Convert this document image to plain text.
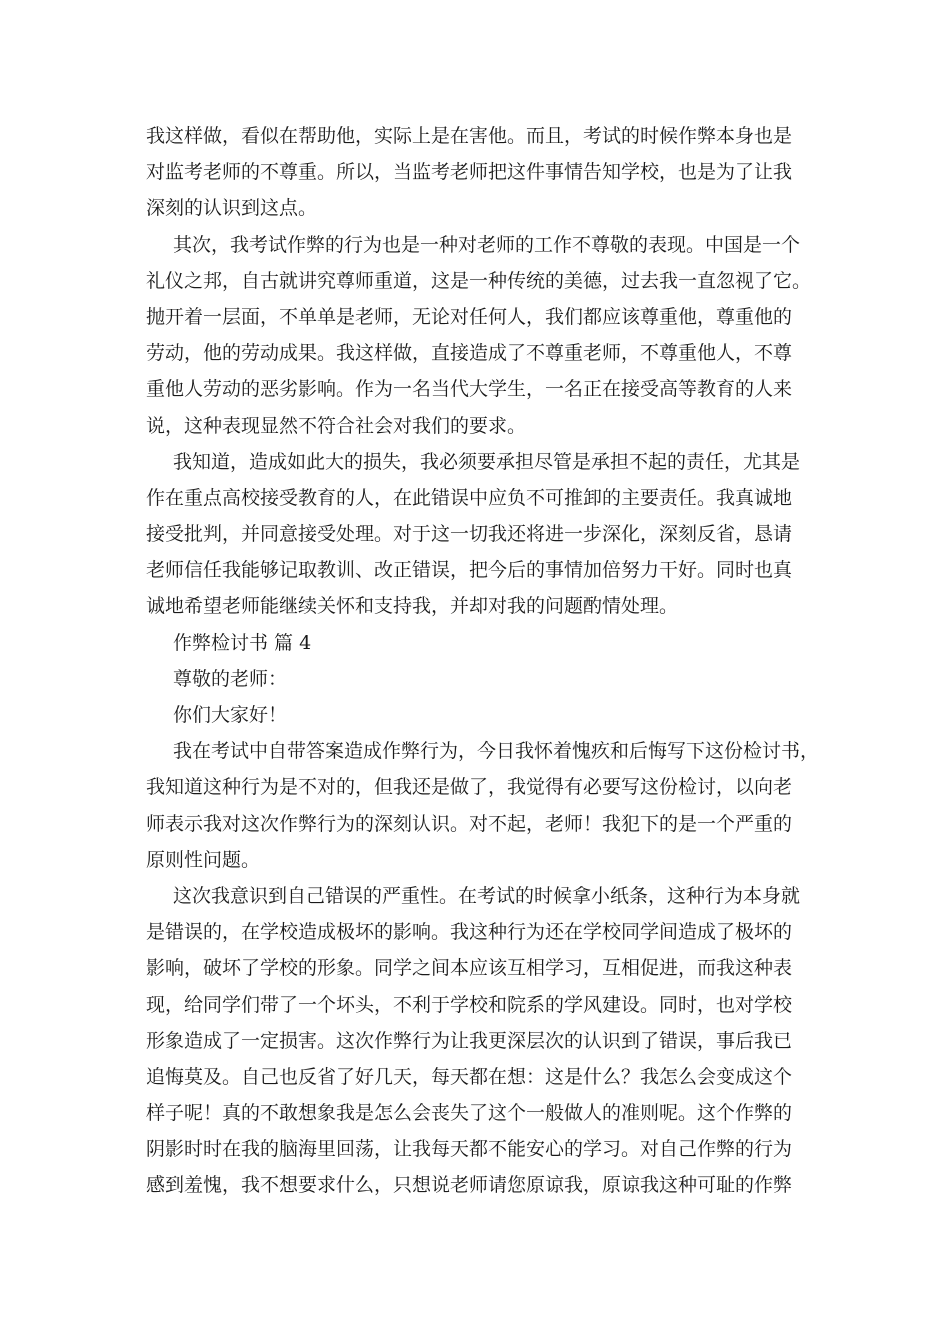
我这样做，看似在帮助他，实际上是在害他。而且，考试的时候作弊本身也是
对监考老师的不尊重。所以，当监考老师把这件事情告知学校，也是为了让我
深刻的认识到这点。
其次，我考试作弊的行为也是一种对老师的工作不尊敬的表现。中国是一个
礼仪之邦，自古就讲究尊师重道，这是一种传统的美德，过去我一直忽视了它。
抛开着一层面，不单单是老师，无论对任何人，我们都应该尊重他，尊重他的
劳动，他的劳动成果。我这样做，直接造成了不尊重老师，不尊重他人，不尊
重他人劳动的恶劣影响。作为一名当代大学生，一名正在接受高等教育的人来
说，这种表现显然不符合社会对我们的要求。
我知道，造成如此大的损失，我必须要承担尽管是承担不起的责任，尤其是
作在重点高校接受教育的人，在此错误中应负不可推卸的主要责任。我真诚地
接受批判，并同意接受处理。对于这一切我还将进一步深化，深刻反省，恳请
老师信任我能够记取教训、改正错误，把今后的事情加倍努力干好。同时也真
诚地希望老师能继续关怀和支持我，并却对我的问题酌情处理。
作弊检讨书 篇 4
尊敬的老师：
你们大家好！
我在考试中自带答案造成作弊行为，今日我怀着愧疚和后悔写下这份检讨书，
我知道这种行为是不对的，但我还是做了，我觉得有必要写这份检讨，以向老
师表示我对这次作弊行为的深刻认识。对不起，老师！我犯下的是一个严重的
原则性问题。
这次我意识到自己错误的严重性。在考试的时候拿小纸条，这种行为本身就
是错误的，在学校造成极坏的影响。我这种行为还在学校同学间造成了极坏的
影响，破坏了学校的形象。同学之间本应该互相学习，互相促进，而我这种表
现，给同学们带了一个坏头，不利于学校和院系的学风建设。同时，也对学校
形象造成了一定损害。这次作弊行为让我更深层次的认识到了错误，事后我已
追悔莫及。自己也反省了好几天，每天都在想：这是什么？我怎么会变成这个
样子呢！真的不敢想象我是怎么会丧失了这个一般做人的准则呢。这个作弊的
阴影时时在我的脑海里回荡，让我每天都不能安心的学习。对自己作弊的行为
感到羞愧，我不想要求什么，只想说老师请您原谅我，原谅我这种可耻的作弊
